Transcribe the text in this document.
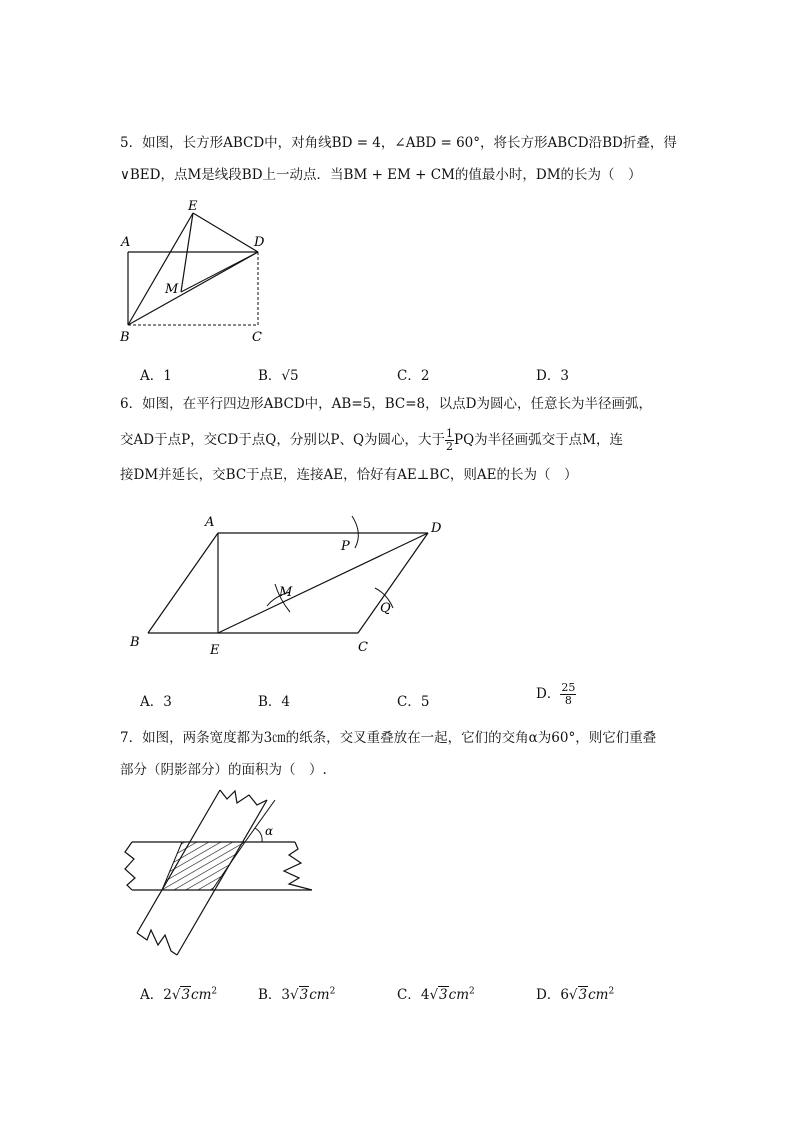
5．如图，长方形ABCD中，对角线BD = 4，∠ABD = 60°，将长方形ABCD沿BD折叠，得
∨BED，点M是线段BD上一动点．当BM + EM + CM的值最小时，DM的长为（　）
E
A	D
M
B	C
A．1	B．√5	C．2	D．3
6．如图，在平行四边形ABCD中，AB=5，BC=8，以点D为圆心，任意长为半径画弧，
交AD于点P，交CD于点Q，分别以P、Q为圆心，大于 $\frac{1}{2}$ PQ为半径画弧交于点M，连
接DM并延长，交BC于点E，连接AE，恰好有AE⊥BC，则AE的长为（　）
A	D
P
M
Q
B
E	C
A．3	B．4	C．5	D． $\frac{25}{8}$
7．如图，两条宽度都为3㎝的纸条，交叉重叠放在一起，它们的交角α为60°，则它们重叠
部分（阴影部分）的面积为（　）.
α
A．$2√3cm^2$	B．$3√3cm^2$	C．$4√3cm^2$	D．$6√3cm^2$
